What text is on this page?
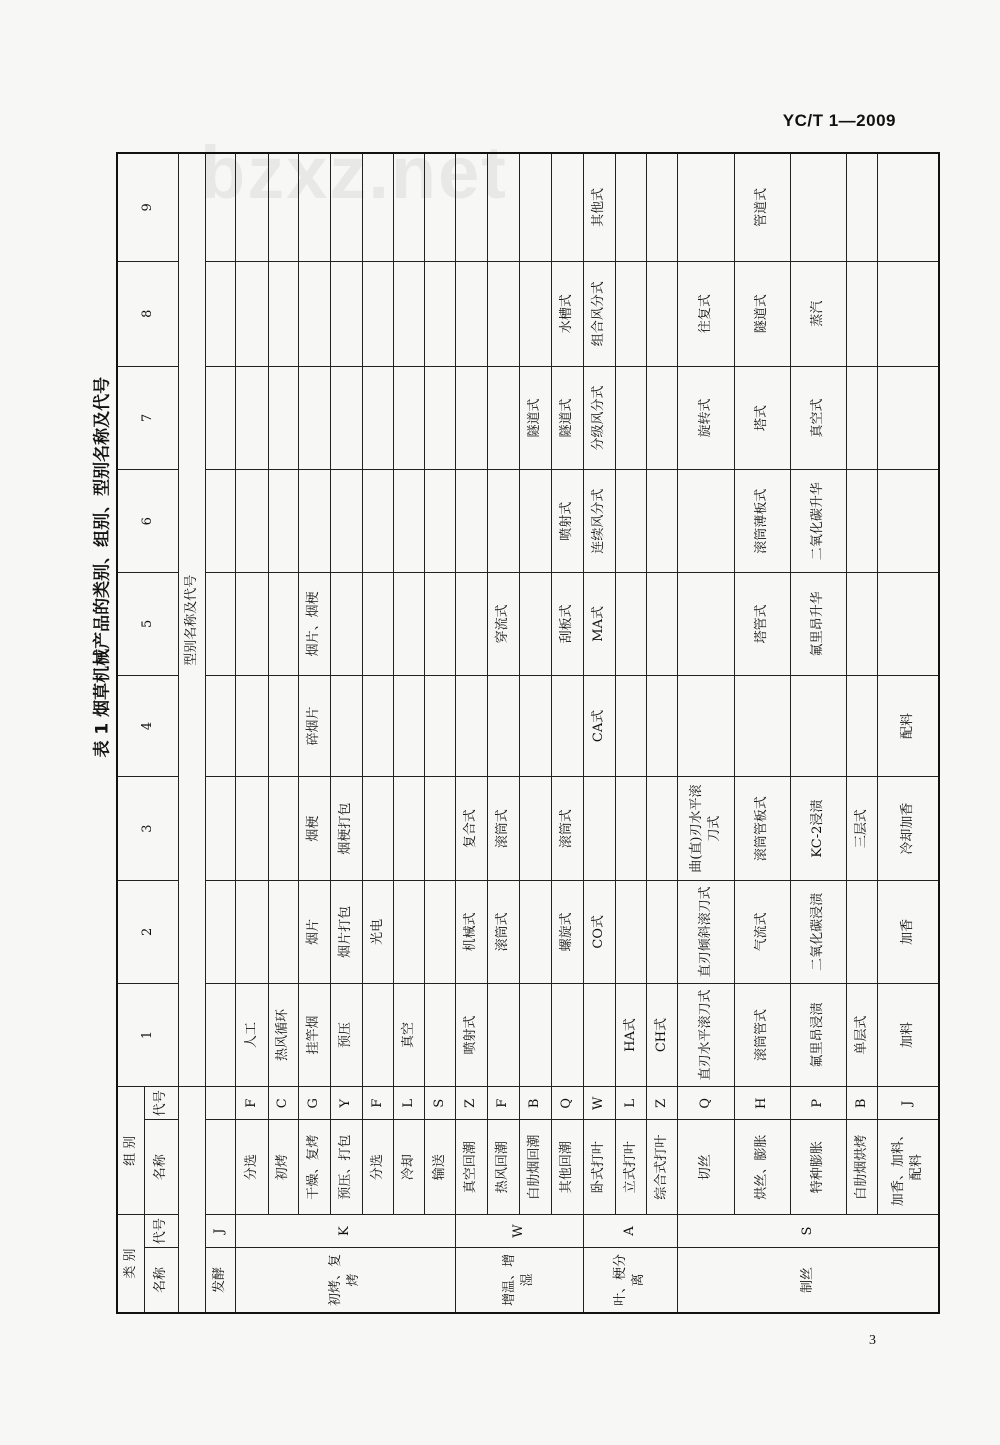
YC/T 1—2009
bzxz.net
表 1 烟草机械产品的类别、组别、型别名称及代号
类 别		组 别		1	2	3	4	5	6	7	8	9
名称	代号	名称	代号									
				型别名称及代号								
发酵	J											
初烤、复烤	K	分选	F	人工								
		初烤	C	热风循环								
		干燥、复烤	G	挂竿烟	烟片	烟梗	碎烟片	烟片、烟梗				
		预压、打包	Y	预压	烟片打包	烟梗打包						
		分选	F		光电							
		冷却	L	真空								
		输送	S									
增温、增湿	W	真空回潮	Z	喷射式	机械式	复合式						
		热风回潮	F		滚筒式	滚筒式		穿流式				
		白肋烟回潮	B							隧道式		
		其他回潮	Q		螺旋式	滚筒式		刮板式	喷射式	隧道式	水槽式	
叶、梗分离	A	卧式打叶	W		CO式		CA式	MA式	连续风分式	分级风分式	组合风分式	其他式
		立式打叶	L	HA式								
		综合式打叶	Z	CH式								
制丝	S	切丝	Q	直刃水平滚刀式	直刃倾斜滚刀式	曲(直)刃水平滚刀式				旋转式	往复式	
		烘丝、膨胀	H	滚筒管式	气流式	滚筒管板式		塔管式	滚筒薄板式	塔式	隧道式	管道式
		特种膨胀	P	氟里昂浸渍	二氧化碳浸渍	KC-2浸渍		氟里昂升华	二氧化碳升华	真空式	蒸汽	
		白肋烟烘烤	B	单层式		三层式						
		加香、加料、配料	J	加料	加香	冷却加香	配料					
3
